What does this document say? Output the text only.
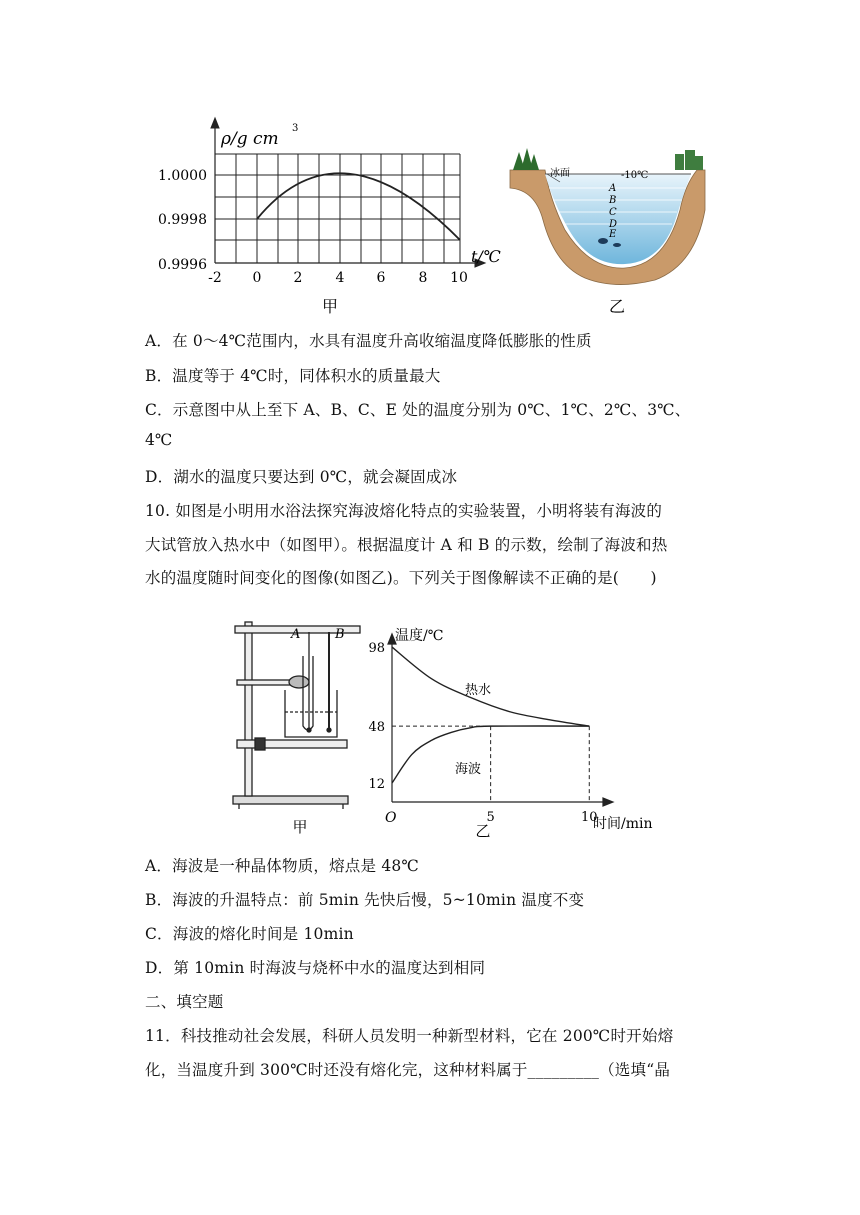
ρ/g cm
3
1.0000
0.9998
0.9996
-2 0 2 4 6 8 10
t/℃
甲
冰面	-10℃
A
B
C
D
E
乙
A．在 0～4℃范围内，水具有温度升高收缩温度降低膨胀的性质
B．温度等于 4℃时，同体积水的质量最大
C．示意图中从上至下 A、B、C、E 处的温度分别为 0℃、1℃、2℃、3℃、
4℃
D．湖水的温度只要达到 0℃，就会凝固成冰
10. 如图是小明用水浴法探究海波熔化特点的实验装置，小明将装有海波的
大试管放入热水中（如图甲）。根据温度计 A 和 B 的示数，绘制了海波和热
水的温度随时间变化的图像(如图乙)。下列关于图像解读不正确的是(　　)
A	B
甲
温度/℃
时间/min
O
98
48
12
5	10
热水
海波
乙
A．海波是一种晶体物质，熔点是 48℃
B．海波的升温特点：前 5min 先快后慢，5~10min 温度不变
C．海波的熔化时间是 10min
D．第 10min 时海波与烧杯中水的温度达到相同
二、填空题
11．科技推动社会发展，科研人员发明一种新型材料，它在 200℃时开始熔
化，当温度升到 300℃时还没有熔化完，这种材料属于_________（选填“晶
